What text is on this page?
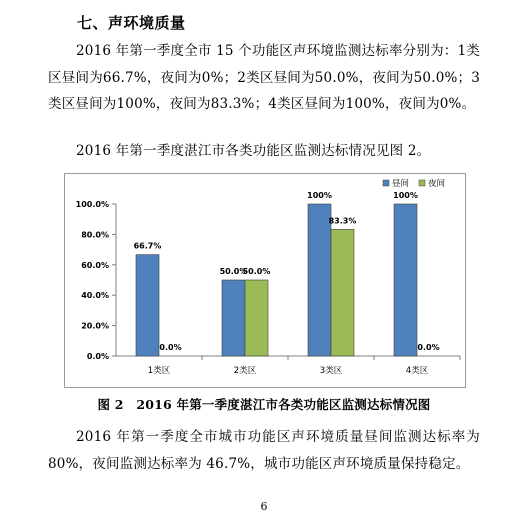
七、声环境质量
2016 年第一季度全市 15 个功能区声环境监测达标率分别为：1类区昼间为66.7%，夜间为0%；2类区昼间为50.0%，夜间为50.0%；3类区昼间为100%，夜间为83.3%；4类区昼间为100%，夜间为0%。
2016 年第一季度湛江市各类功能区监测达标情况见图 2。
0.0%
20.0%
40.0%
60.0%
80.0%
100.0%
66.7%
0.0%
1类区
50.0%
50.0%
2类区
100%
83.3%
3类区
100%
0.0%
4类区
昼间 夜间
图 2　2016 年第一季度湛江市各类功能区监测达标情况图
2016 年第一季度全市城市功能区声环境质量昼间监测达标率为80%，夜间监测达标率为 46.7%，城市功能区声环境质量保持稳定。
6
